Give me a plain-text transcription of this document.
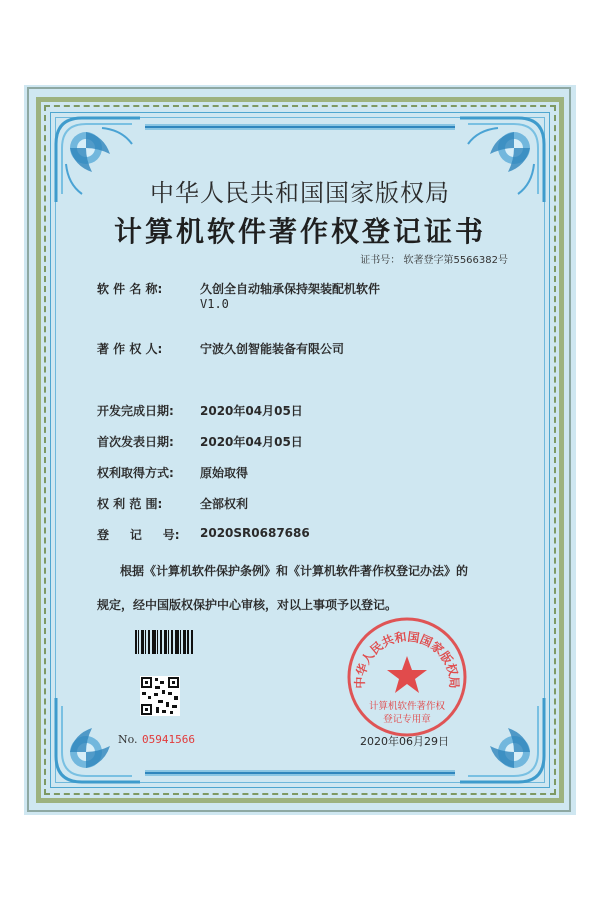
中华人民共和国国家版权局
计算机软件著作权登记证书
证书号： 软著登字第5566382号
软 件 名 称:	久创全自动轴承保持架装配机软件
V1.0
著 作 权 人:	宁波久创智能装备有限公司
开发完成日期: 2020年04月05日
首次发表日期: 2020年04月05日
权利取得方式: 原始取得
权 利 范 围:	全部权利
登     记     号: 2020SR0687686
根据《计算机软件保护条例》和《计算机软件著作权登记办法》的
规定，经中国版权保护中心审核，对以上事项予以登记。
No. 05941566
中华人民共和国国家版权局
计算机软件著作权
登记专用章
2020年06月29日
